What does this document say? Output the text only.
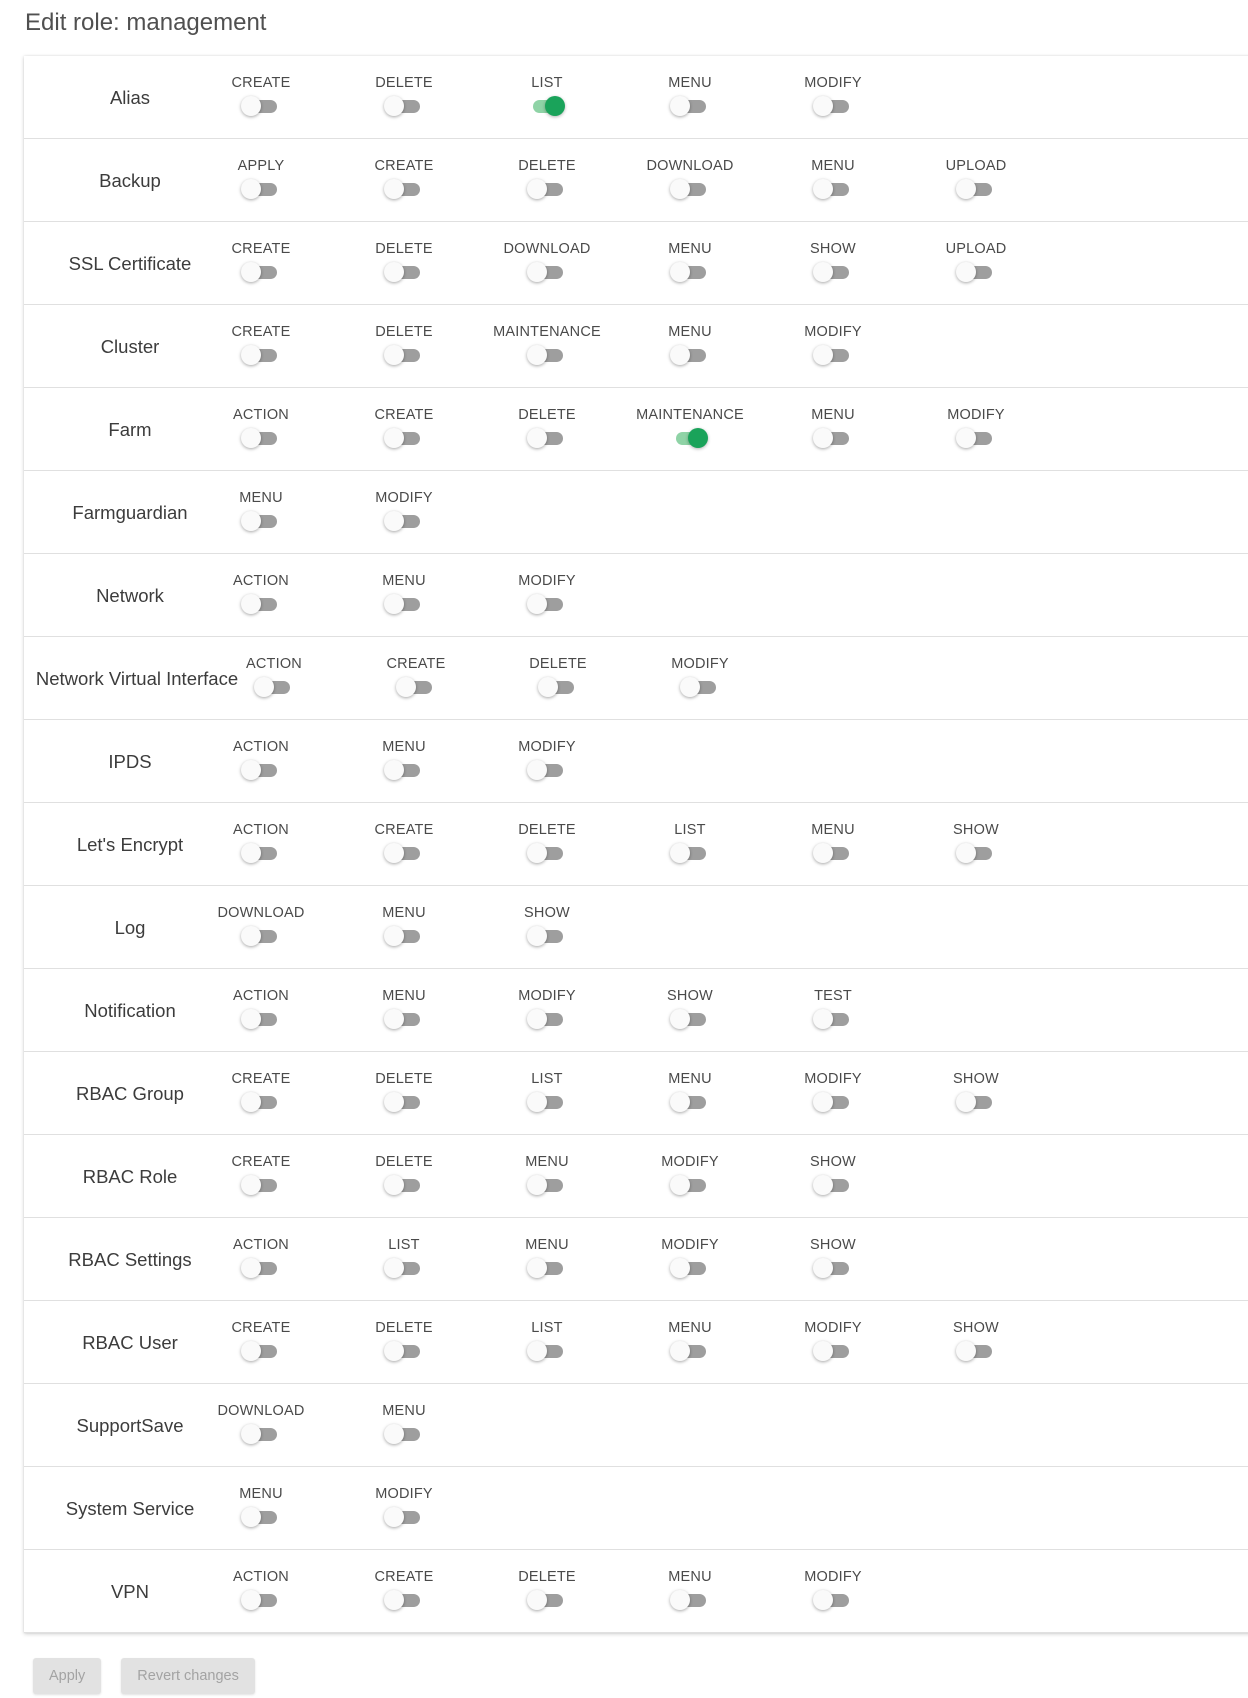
Edit role: management
Alias
CREATE	DELETE	LIST	MENU	MODIFY
Backup
APPLY	CREATE	DELETE	DOWNLOAD	MENU	UPLOAD
SSL Certificate
CREATE	DELETE	DOWNLOAD	MENU	SHOW	UPLOAD
Cluster
CREATE	DELETE	MAINTENANCE	MENU	MODIFY
Farm
ACTION	CREATE	DELETE	MAINTENANCE	MENU	MODIFY
Farmguardian
MENU	MODIFY
Network
ACTION	MENU	MODIFY
Network Virtual Interface
ACTION	CREATE	DELETE	MODIFY
IPDS
ACTION	MENU	MODIFY
Let's Encrypt
ACTION	CREATE	DELETE	LIST	MENU	SHOW
Log
DOWNLOAD	MENU	SHOW
Notification
ACTION	MENU	MODIFY	SHOW	TEST
RBAC Group
CREATE	DELETE	LIST	MENU	MODIFY	SHOW
RBAC Role
CREATE	DELETE	MENU	MODIFY	SHOW
RBAC Settings
ACTION	LIST	MENU	MODIFY	SHOW
RBAC User
CREATE	DELETE	LIST	MENU	MODIFY	SHOW
SupportSave
DOWNLOAD	MENU
System Service
MENU	MODIFY
VPN
ACTION	CREATE	DELETE	MENU	MODIFY
Apply	Revert changes
